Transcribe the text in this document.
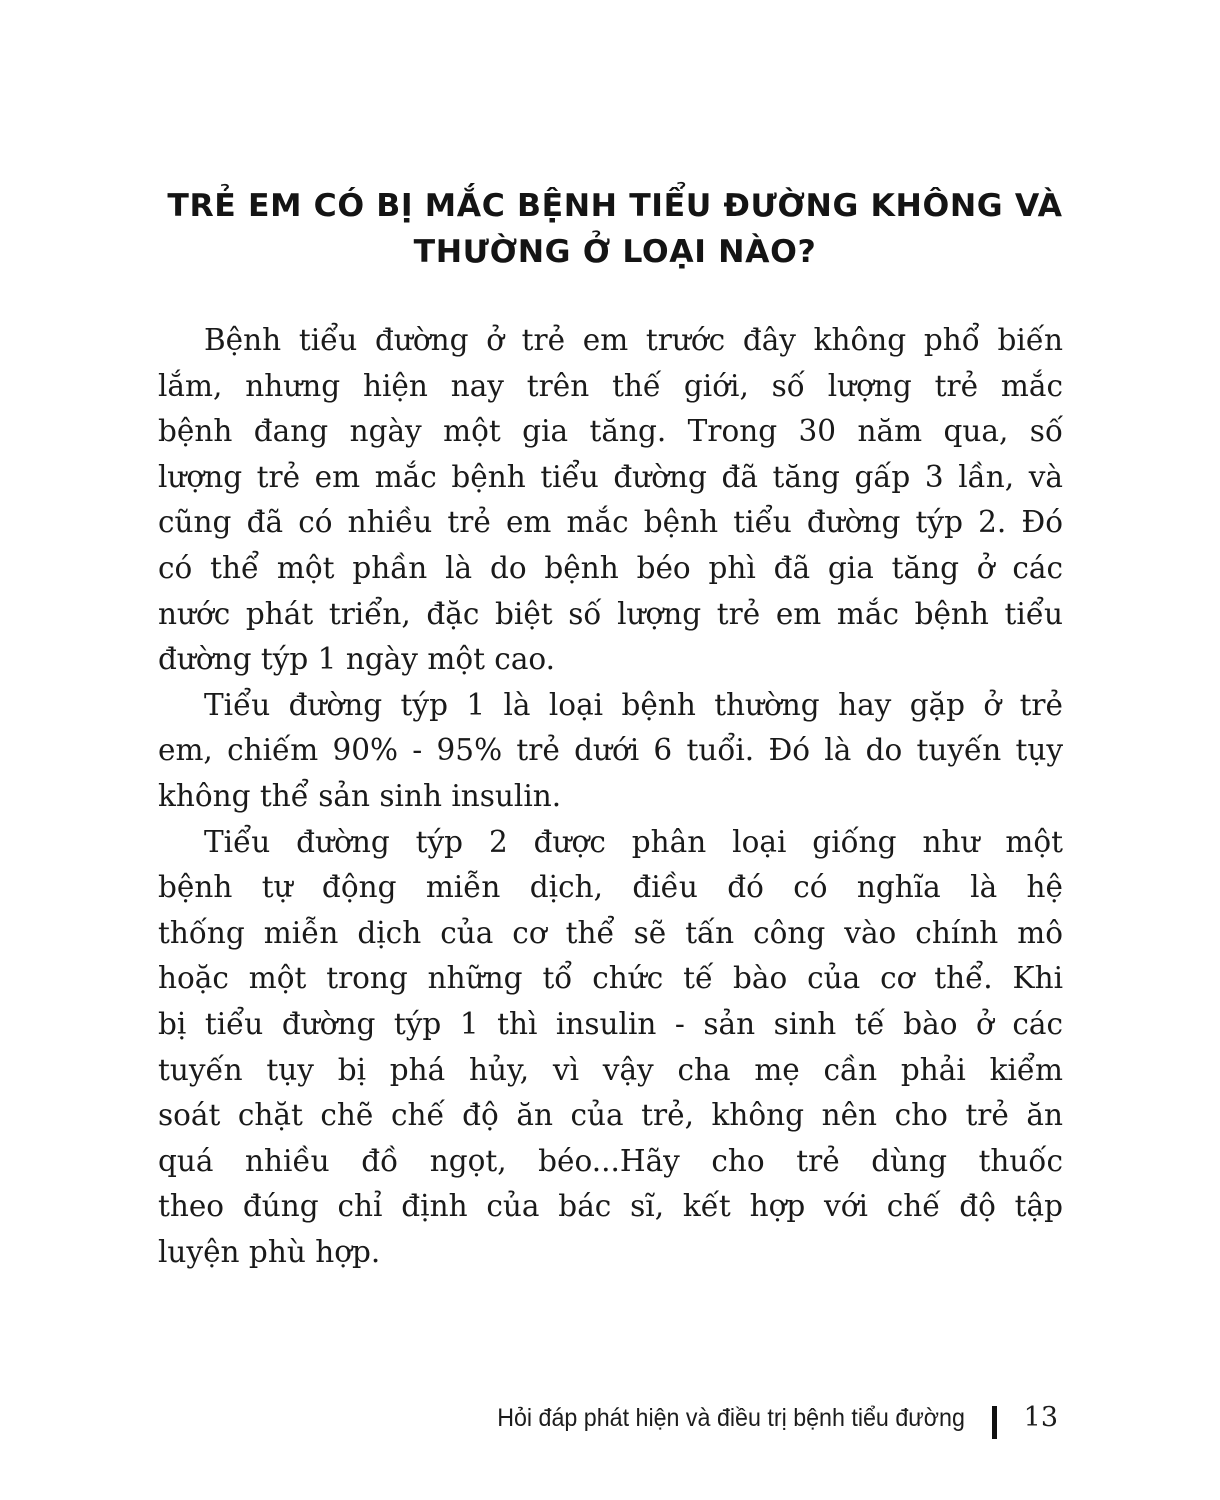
TRẺ EM CÓ BỊ MẮC BỆNH TIỂU ĐƯỜNG KHÔNG VÀ
THƯỜNG Ở LOẠI NÀO?

Bệnh tiểu đường ở trẻ em trước đây không phổ biến
lắm, nhưng hiện nay trên thế giới, số lượng trẻ mắc
bệnh đang ngày một gia tăng. Trong 30 năm qua, số
lượng trẻ em mắc bệnh tiểu đường đã tăng gấp 3 lần, và
cũng đã có nhiều trẻ em mắc bệnh tiểu đường týp 2. Đó
có thể một phần là do bệnh béo phì đã gia tăng ở các
nước phát triển, đặc biệt số lượng trẻ em mắc bệnh tiểu
đường týp 1 ngày một cao.

Tiểu đường týp 1 là loại bệnh thường hay gặp ở trẻ
em, chiếm 90% - 95% trẻ dưới 6 tuổi. Đó là do tuyến tụy
không thể sản sinh insulin.

Tiểu đường týp 2 được phân loại giống như một
bệnh tự động miễn dịch, điều đó có nghĩa là hệ
thống miễn dịch của cơ thể sẽ tấn công vào chính mô
hoặc một trong những tổ chức tế bào của cơ thể. Khi
bị tiểu đường týp 1 thì insulin - sản sinh tế bào ở các
tuyến tụy bị phá hủy, vì vậy cha mẹ cần phải kiểm
soát chặt chẽ chế độ ăn của trẻ, không nên cho trẻ ăn
quá nhiều đồ ngọt, béo...Hãy cho trẻ dùng thuốc
theo đúng chỉ định của bác sĩ, kết hợp với chế độ tập
luyện phù hợp.

Hỏi đáp phát hiện và điều trị bệnh tiểu đường 13
